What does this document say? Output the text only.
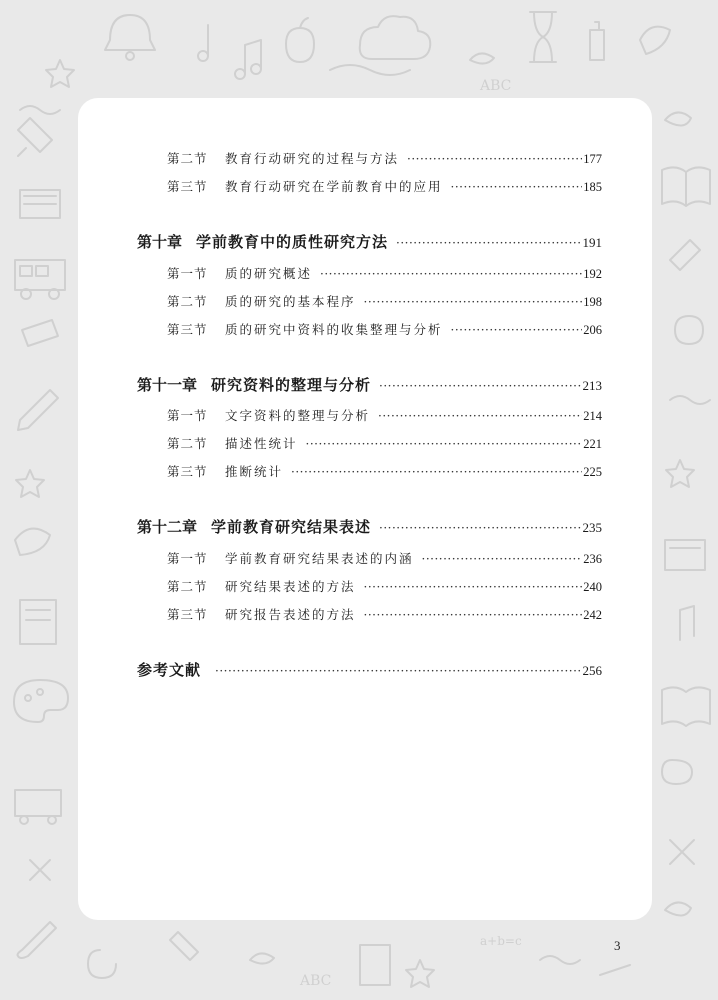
ABC
ABC
a+b=c
第二节	教育行动研究的过程与方法 ·····	177
第三节	教育行动研究在学前教育中的应用 ·····	185
第十章 学前教育中的质性研究方法 ·····	191
第一节	质的研究概述 ·····	192
第二节	质的研究的基本程序 ·····	198
第三节	质的研究中资料的收集整理与分析 ·····	206
第十一章 研究资料的整理与分析 ·····	213
第一节	文字资料的整理与分析 ·····	214
第二节	描述性统计 ·····	221
第三节	推断统计 ·····	225
第十二章 学前教育研究结果表述 ·····	235
第一节	学前教育研究结果表述的内涵 ·····	236
第二节	研究结果表述的方法 ·····	240
第三节	研究报告表述的方法 ·····	242
参考文献 ·····	256
3
